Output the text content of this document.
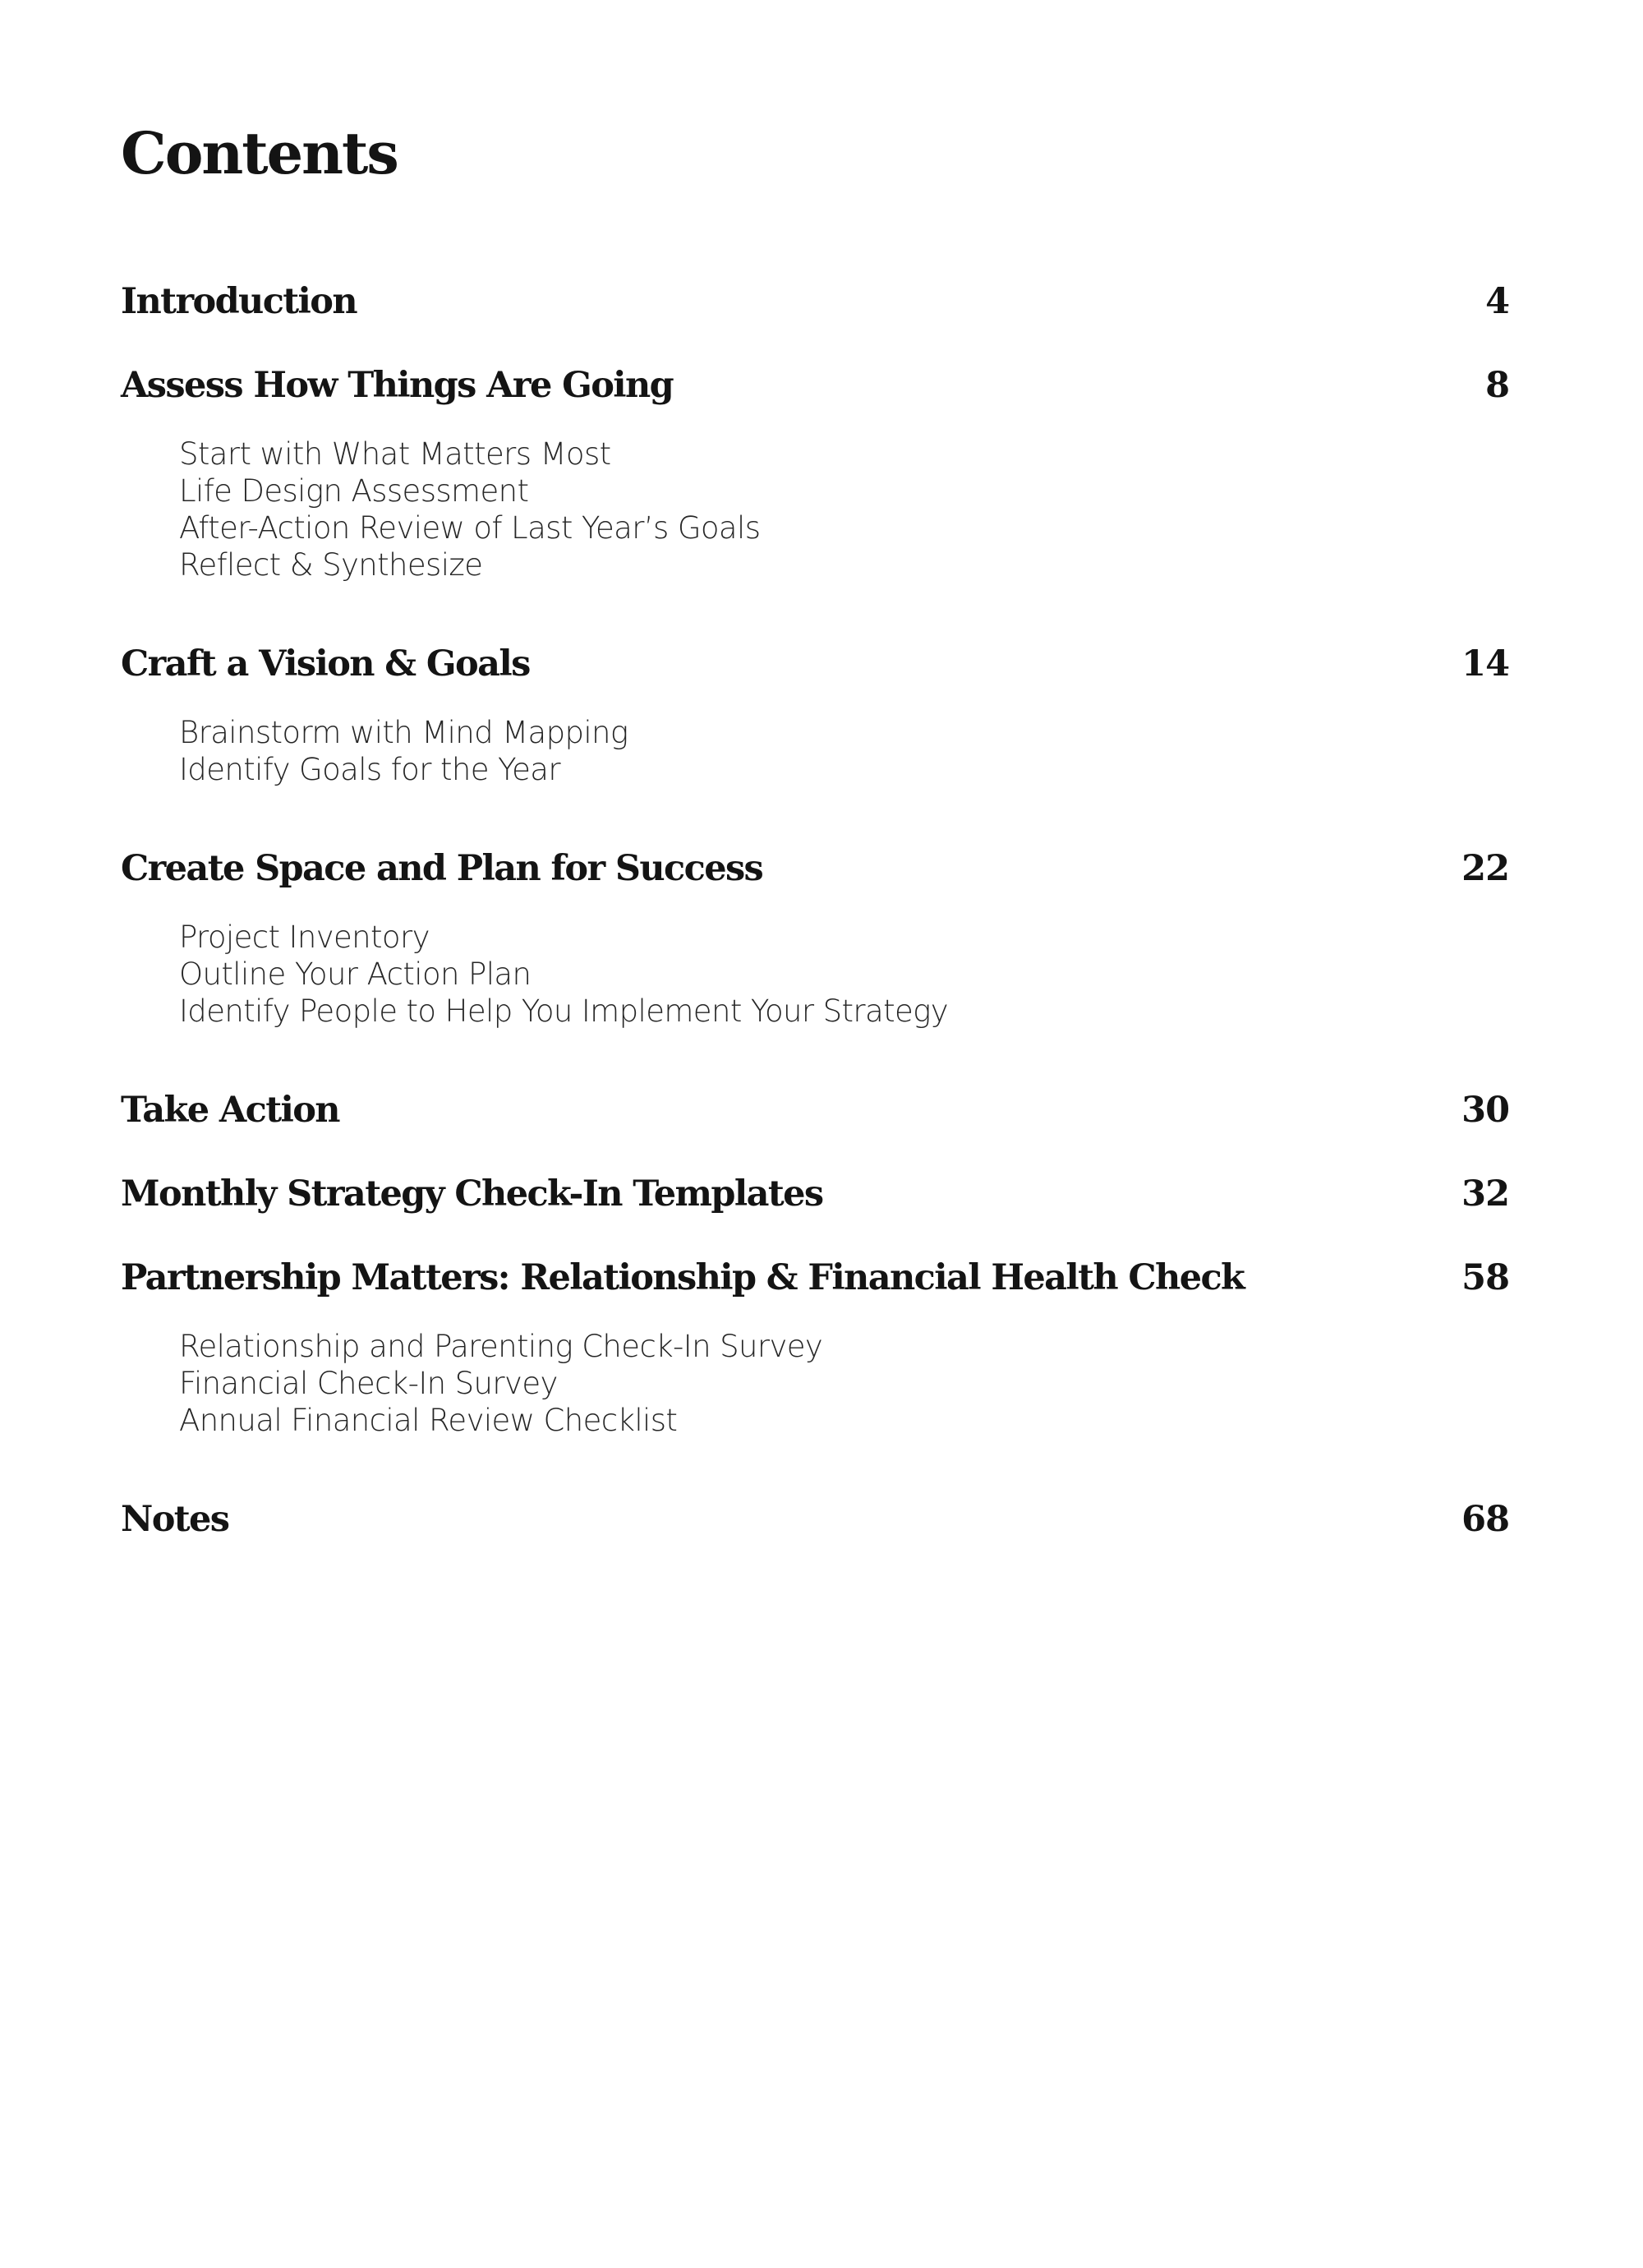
Contents
Introduction	4
Assess How Things Are Going	8
Start with What Matters Most
Life Design Assessment
After-Action Review of Last Year’s Goals
Reflect & Synthesize
Craft a Vision & Goals	14
Brainstorm with Mind Mapping
Identify Goals for the Year
Create Space and Plan for Success	22
Project Inventory
Outline Your Action Plan
Identify People to Help You Implement Your Strategy
Take Action	30
Monthly Strategy Check-In Templates	32
Partnership Matters: Relationship & Financial Health Check	58
Relationship and Parenting Check-In Survey
Financial Check-In Survey
Annual Financial Review Checklist
Notes	68
